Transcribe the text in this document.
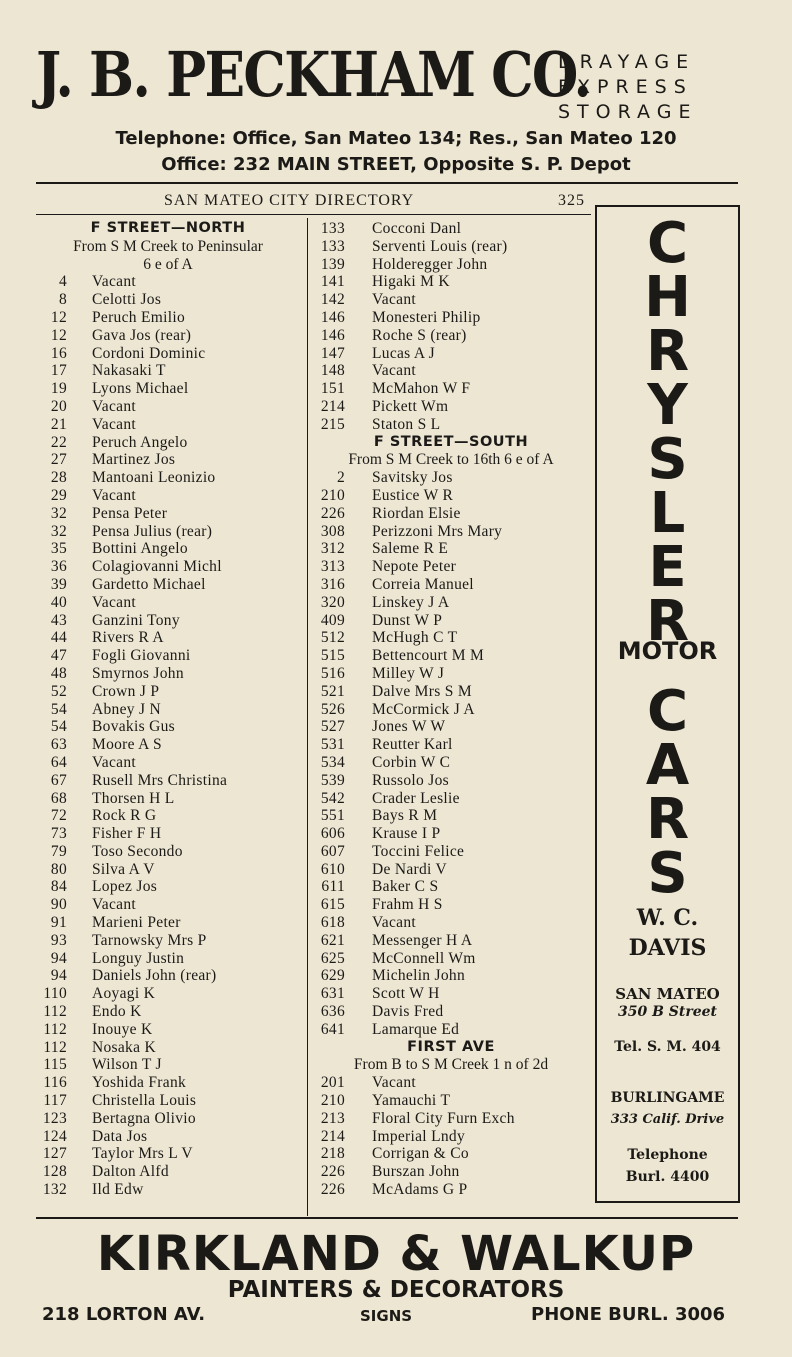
J. B. PECKHAM CO.
DRAYAGE
EXPRESS
STORAGE
Telephone: Office, San Mateo 134; Res., San Mateo 120
Office: 232 MAIN STREET, Opposite S. P. Depot
SAN MATEO CITY DIRECTORY	325
F STREET—NORTH
From S M Creek to Peninsular
6 e of A
4 Vacant
8 Celotti Jos
12 Peruch Emilio
12 Gava Jos (rear)
16 Cordoni Dominic
17 Nakasaki T
19 Lyons Michael
20 Vacant
21 Vacant
22 Peruch Angelo
27 Martinez Jos
28 Mantoani Leonizio
29 Vacant
32 Pensa Peter
32 Pensa Julius (rear)
35 Bottini Angelo
36 Colagiovanni Michl
39 Gardetto Michael
40 Vacant
43 Ganzini Tony
44 Rivers R A
47 Fogli Giovanni
48 Smyrnos John
52 Crown J P
54 Abney J N
54 Bovakis Gus
63 Moore A S
64 Vacant
67 Rusell Mrs Christina
68 Thorsen H L
72 Rock R G
73 Fisher F H
79 Toso Secondo
80 Silva A V
84 Lopez Jos
90 Vacant
91 Marieni Peter
93 Tarnowsky Mrs P
94 Longuy Justin
94 Daniels John (rear)
110 Aoyagi K
112 Endo K
112 Inouye K
112 Nosaka K
115 Wilson T J
116 Yoshida Frank
117 Christella Louis
123 Bertagna Olivio
124 Data Jos
127 Taylor Mrs L V
128 Dalton Alfd
132 Ild Edw
133 Cocconi Danl
133 Serventi Louis (rear)
139 Holderegger John
141 Higaki M K
142 Vacant
146 Monesteri Philip
146 Roche S (rear)
147 Lucas A J
148 Vacant
151 McMahon W F
214 Pickett Wm
215 Staton S L
F STREET—SOUTH
From S M Creek to 16th 6 e of A
2 Savitsky Jos
210 Eustice W R
226 Riordan Elsie
308 Perizzoni Mrs Mary
312 Saleme R E
313 Nepote Peter
316 Correia Manuel
320 Linskey J A
409 Dunst W P
512 McHugh C T
515 Bettencourt M M
516 Milley W J
521 Dalve Mrs S M
526 McCormick J A
527 Jones W W
531 Reutter Karl
534 Corbin W C
539 Russolo Jos
542 Crader Leslie
551 Bays R M
606 Krause I P
607 Toccini Felice
610 De Nardi V
611 Baker C S
615 Frahm H S
618 Vacant
621 Messenger H A
625 McConnell Wm
629 Michelin John
631 Scott W H
636 Davis Fred
641 Lamarque Ed
FIRST AVE
From B to S M Creek 1 n of 2d
201 Vacant
210 Yamauchi T
213 Floral City Furn Exch
214 Imperial Lndy
218 Corrigan & Co
226 Burszan John
226 McAdams G P
C
H
R
Y
S
L
E
R
MOTOR
C
A
R
S
W. C.
DAVIS
SAN MATEO
350 B Street
Tel. S. M. 404
BURLINGAME
333 Calif. Drive
Telephone
Burl. 4400
KIRKLAND & WALKUP
PAINTERS & DECORATORS
218 LORTON AV.	SIGNS	PHONE BURL. 3006
